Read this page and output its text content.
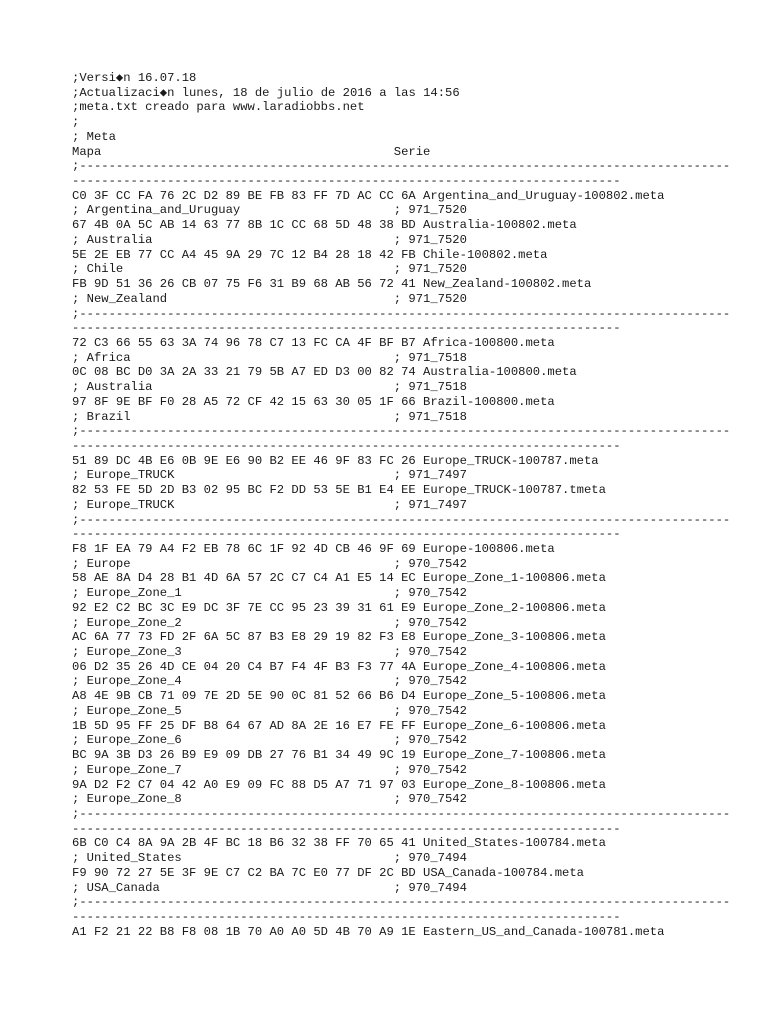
;Versi◆n 16.07.18
;Actualizaci◆n lunes, 18 de julio de 2016 a las 14:56
;meta.txt creado para www.laradiobbs.net
;
; Meta
Mapa                                        Serie
;-----------------------------------------------------------------------------------------
---------------------------------------------------------------------------
C0 3F CC FA 76 2C D2 89 BE FB 83 FF 7D AC CC 6A Argentina_and_Uruguay-100802.meta
; Argentina_and_Uruguay                     ; 971_7520
67 4B 0A 5C AB 14 63 77 8B 1C CC 68 5D 48 38 BD Australia-100802.meta
; Australia                                 ; 971_7520
5E 2E EB 77 CC A4 45 9A 29 7C 12 B4 28 18 42 FB Chile-100802.meta
; Chile                                     ; 971_7520
FB 9D 51 36 26 CB 07 75 F6 31 B9 68 AB 56 72 41 New_Zealand-100802.meta
; New_Zealand                               ; 971_7520
;-----------------------------------------------------------------------------------------
---------------------------------------------------------------------------
72 C3 66 55 63 3A 74 96 78 C7 13 FC CA 4F BF B7 Africa-100800.meta
; Africa                                    ; 971_7518
0C 08 BC D0 3A 2A 33 21 79 5B A7 ED D3 00 82 74 Australia-100800.meta
; Australia                                 ; 971_7518
97 8F 9E BF F0 28 A5 72 CF 42 15 63 30 05 1F 66 Brazil-100800.meta
; Brazil                                    ; 971_7518
;-----------------------------------------------------------------------------------------
---------------------------------------------------------------------------
51 89 DC 4B E6 0B 9E E6 90 B2 EE 46 9F 83 FC 26 Europe_TRUCK-100787.meta
; Europe_TRUCK                              ; 971_7497
82 53 FE 5D 2D B3 02 95 BC F2 DD 53 5E B1 E4 EE Europe_TRUCK-100787.tmeta
; Europe_TRUCK                              ; 971_7497
;-----------------------------------------------------------------------------------------
---------------------------------------------------------------------------
F8 1F EA 79 A4 F2 EB 78 6C 1F 92 4D CB 46 9F 69 Europe-100806.meta
; Europe                                    ; 970_7542
58 AE 8A D4 28 B1 4D 6A 57 2C C7 C4 A1 E5 14 EC Europe_Zone_1-100806.meta
; Europe_Zone_1                             ; 970_7542
92 E2 C2 BC 3C E9 DC 3F 7E CC 95 23 39 31 61 E9 Europe_Zone_2-100806.meta
; Europe_Zone_2                             ; 970_7542
AC 6A 77 73 FD 2F 6A 5C 87 B3 E8 29 19 82 F3 E8 Europe_Zone_3-100806.meta
; Europe_Zone_3                             ; 970_7542
06 D2 35 26 4D CE 04 20 C4 B7 F4 4F B3 F3 77 4A Europe_Zone_4-100806.meta
; Europe_Zone_4                             ; 970_7542
A8 4E 9B CB 71 09 7E 2D 5E 90 0C 81 52 66 B6 D4 Europe_Zone_5-100806.meta
; Europe_Zone_5                             ; 970_7542
1B 5D 95 FF 25 DF B8 64 67 AD 8A 2E 16 E7 FE FF Europe_Zone_6-100806.meta
; Europe_Zone_6                             ; 970_7542
BC 9A 3B D3 26 B9 E9 09 DB 27 76 B1 34 49 9C 19 Europe_Zone_7-100806.meta
; Europe_Zone_7                             ; 970_7542
9A D2 F2 C7 04 42 A0 E9 09 FC 88 D5 A7 71 97 03 Europe_Zone_8-100806.meta
; Europe_Zone_8                             ; 970_7542
;-----------------------------------------------------------------------------------------
---------------------------------------------------------------------------
6B C0 C4 8A 9A 2B 4F BC 18 B6 32 38 FF 70 65 41 United_States-100784.meta
; United_States                             ; 970_7494
F9 90 72 27 5E 3F 9E C7 C2 BA 7C E0 77 DF 2C BD USA_Canada-100784.meta
; USA_Canada                                ; 970_7494
;-----------------------------------------------------------------------------------------
---------------------------------------------------------------------------
A1 F2 21 22 B8 F8 08 1B 70 A0 A0 5D 4B 70 A9 1E Eastern_US_and_Canada-100781.meta
